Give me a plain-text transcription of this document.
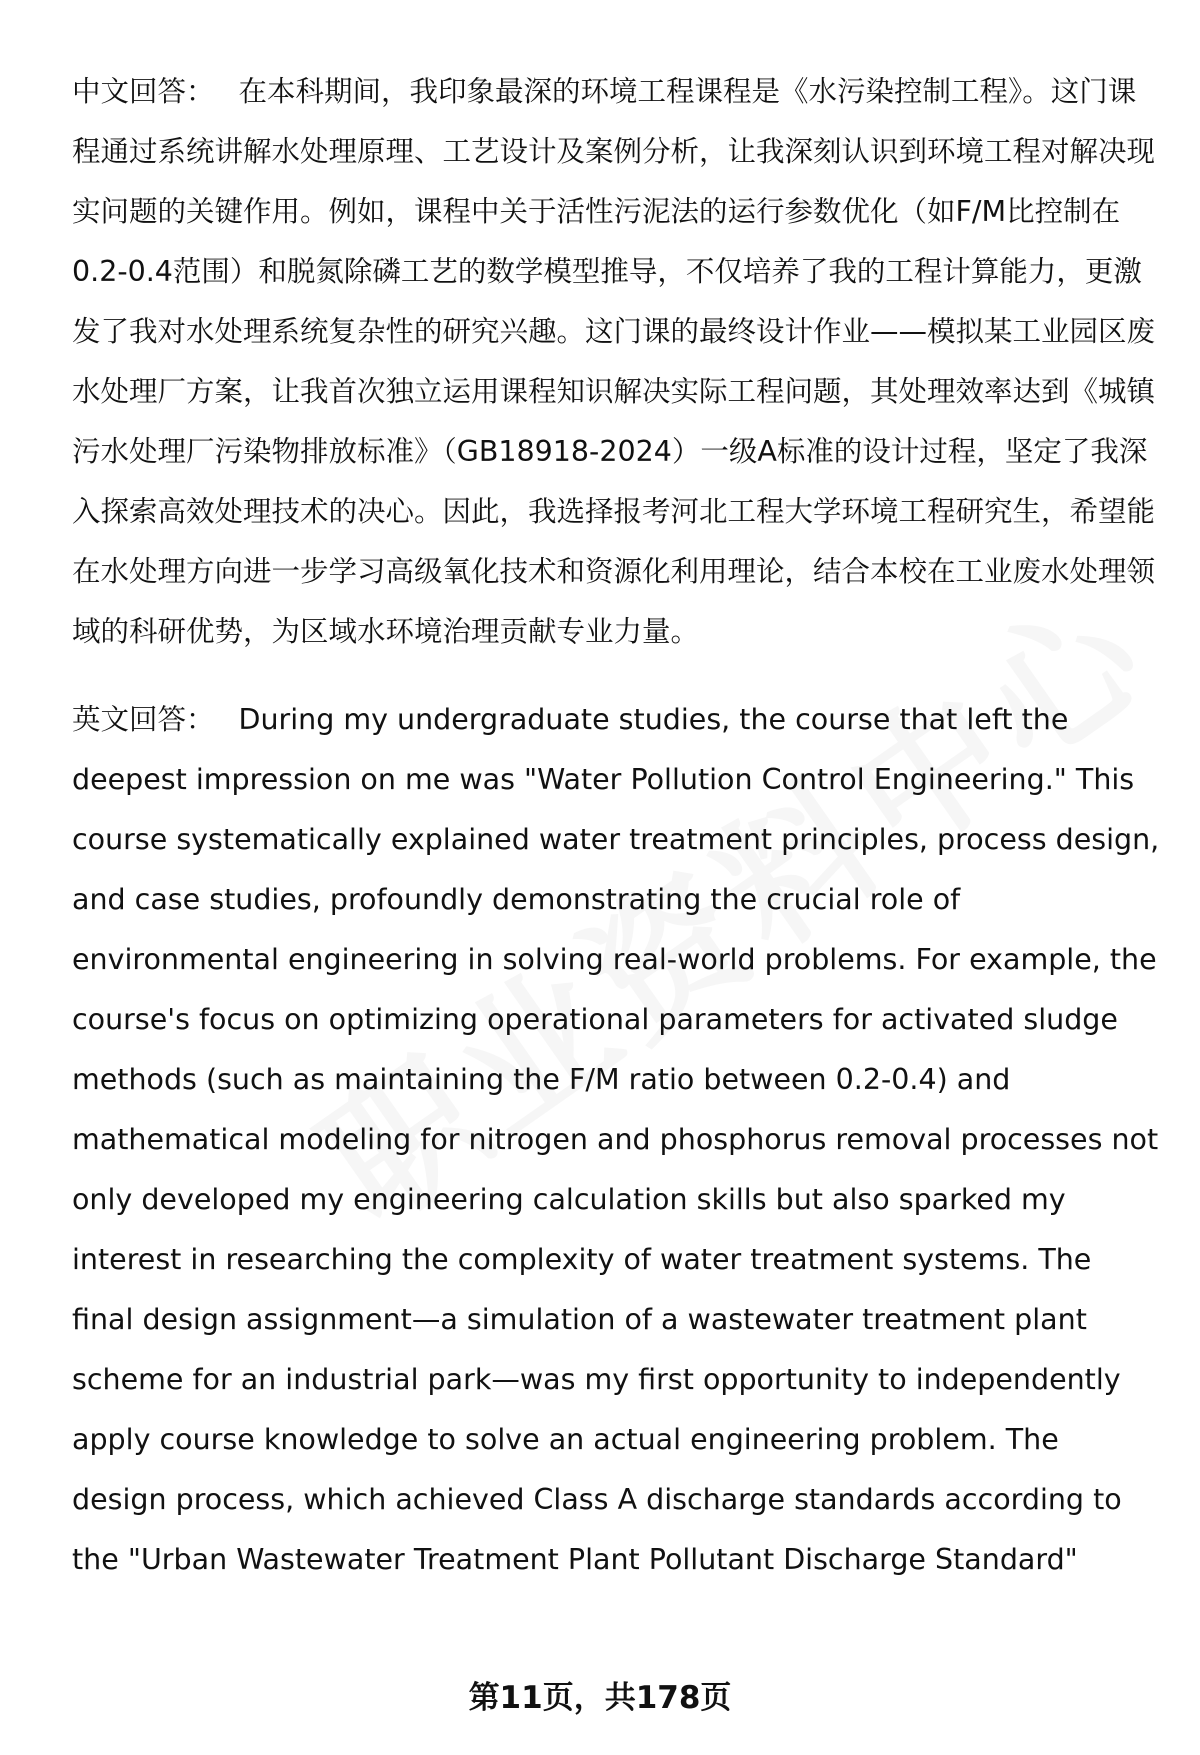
中文回答： 在本科期间，我印象最深的环境工程课程是《水污染控制工程》。这门课程通过系统讲解水处理原理、工艺设计及案例分析，让我深刻认识到环境工程对解决现实问题的关键作用。例如，课程中关于活性污泥法的运行参数优化（如F/M比控制在0.2-0.4范围）和脱氮除磷工艺的数学模型推导，不仅培养了我的工程计算能力，更激发了我对水处理系统复杂性的研究兴趣。这门课的最终设计作业——模拟某工业园区废水处理厂方案，让我首次独立运用课程知识解决实际工程问题，其处理效率达到《城镇污水处理厂污染物排放标准》（GB18918-2024）一级A标准的设计过程，坚定了我深入探索高效处理技术的决心。因此，我选择报考河北工程大学环境工程研究生，希望能在水处理方向进一步学习高级氧化技术和资源化利用理论，结合本校在工业废水处理领域的科研优势，为区域水环境治理贡献专业力量。

英文回答： During my undergraduate studies, the course that left the deepest impression on me was "Water Pollution Control Engineering." This course systematically explained water treatment principles, process design, and case studies, profoundly demonstrating the crucial role of environmental engineering in solving real-world problems. For example, the course's focus on optimizing operational parameters for activated sludge methods (such as maintaining the F/M ratio between 0.2-0.4) and mathematical modeling for nitrogen and phosphorus removal processes not only developed my engineering calculation skills but also sparked my interest in researching the complexity of water treatment systems. The final design assignment—a simulation of a wastewater treatment plant scheme for an industrial park—was my first opportunity to independently apply course knowledge to solve an actual engineering problem. The design process, which achieved Class A discharge standards according to the "Urban Wastewater Treatment Plant Pollutant Discharge Standard"

第11页，共178页
